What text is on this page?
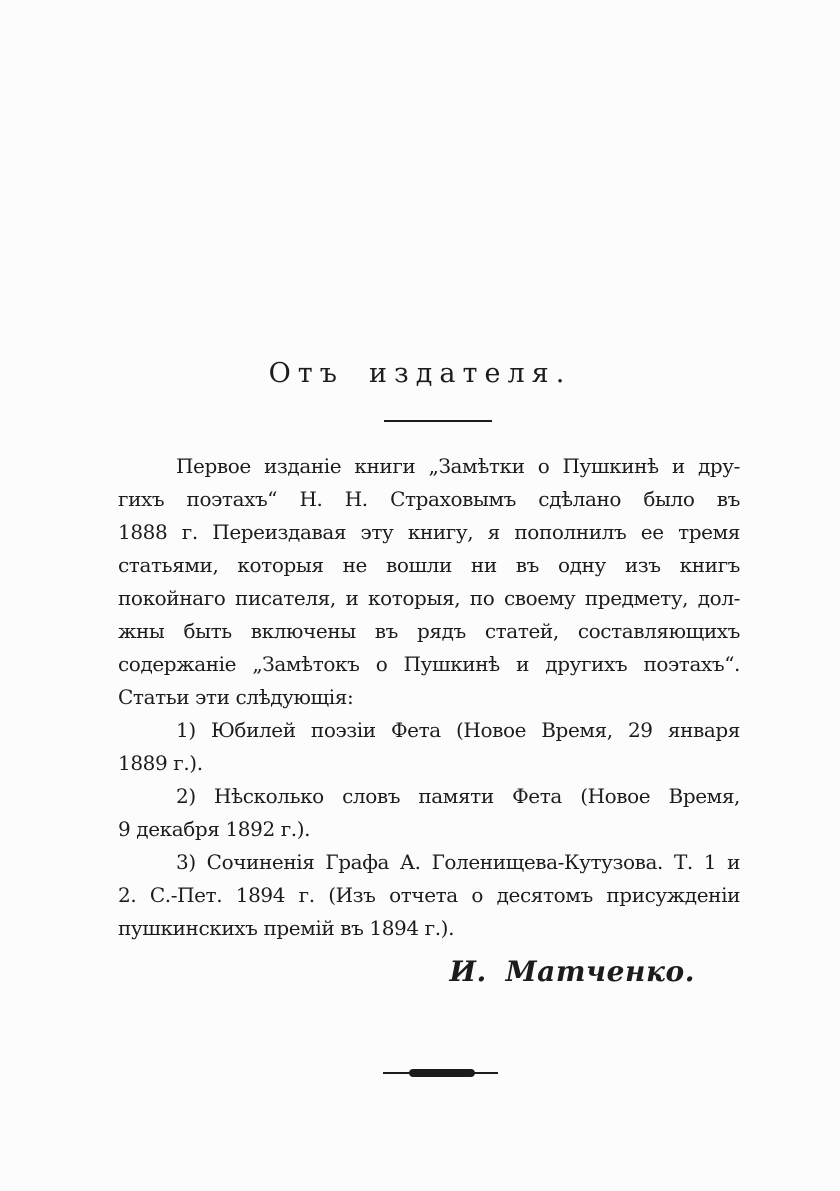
Отъ издателя.

Первое изданіе книги „Замѣтки о Пушкинѣ и дру-

гихъ поэтахъ“ Н. Н. Страховымъ сдѣлано было въ

1888 г. Переиздавая эту книгу, я пополнилъ ее тремя

статьями, которыя не вошли ни въ одну изъ книгъ

покойнаго писателя, и которыя, по своему предмету, дол-

жны быть включены въ рядъ статей, составляющихъ

содержаніе „Замѣтокъ о Пушкинѣ и другихъ поэтахъ“.

Статьи эти слѣдующія:

1) Юбилей поэзіи Фета (Новое Время, 29 января

1889 г.).

2) Нѣсколько словъ памяти Фета (Новое Время,

9 декабря 1892 г.).

3) Сочиненія Графа А. Голенищева-Кутузова. Т. 1 и

2. С.-Пет. 1894 г. (Изъ отчета о десятомъ присужденіи

пушкинскихъ премій въ 1894 г.).

И. Матченко.
